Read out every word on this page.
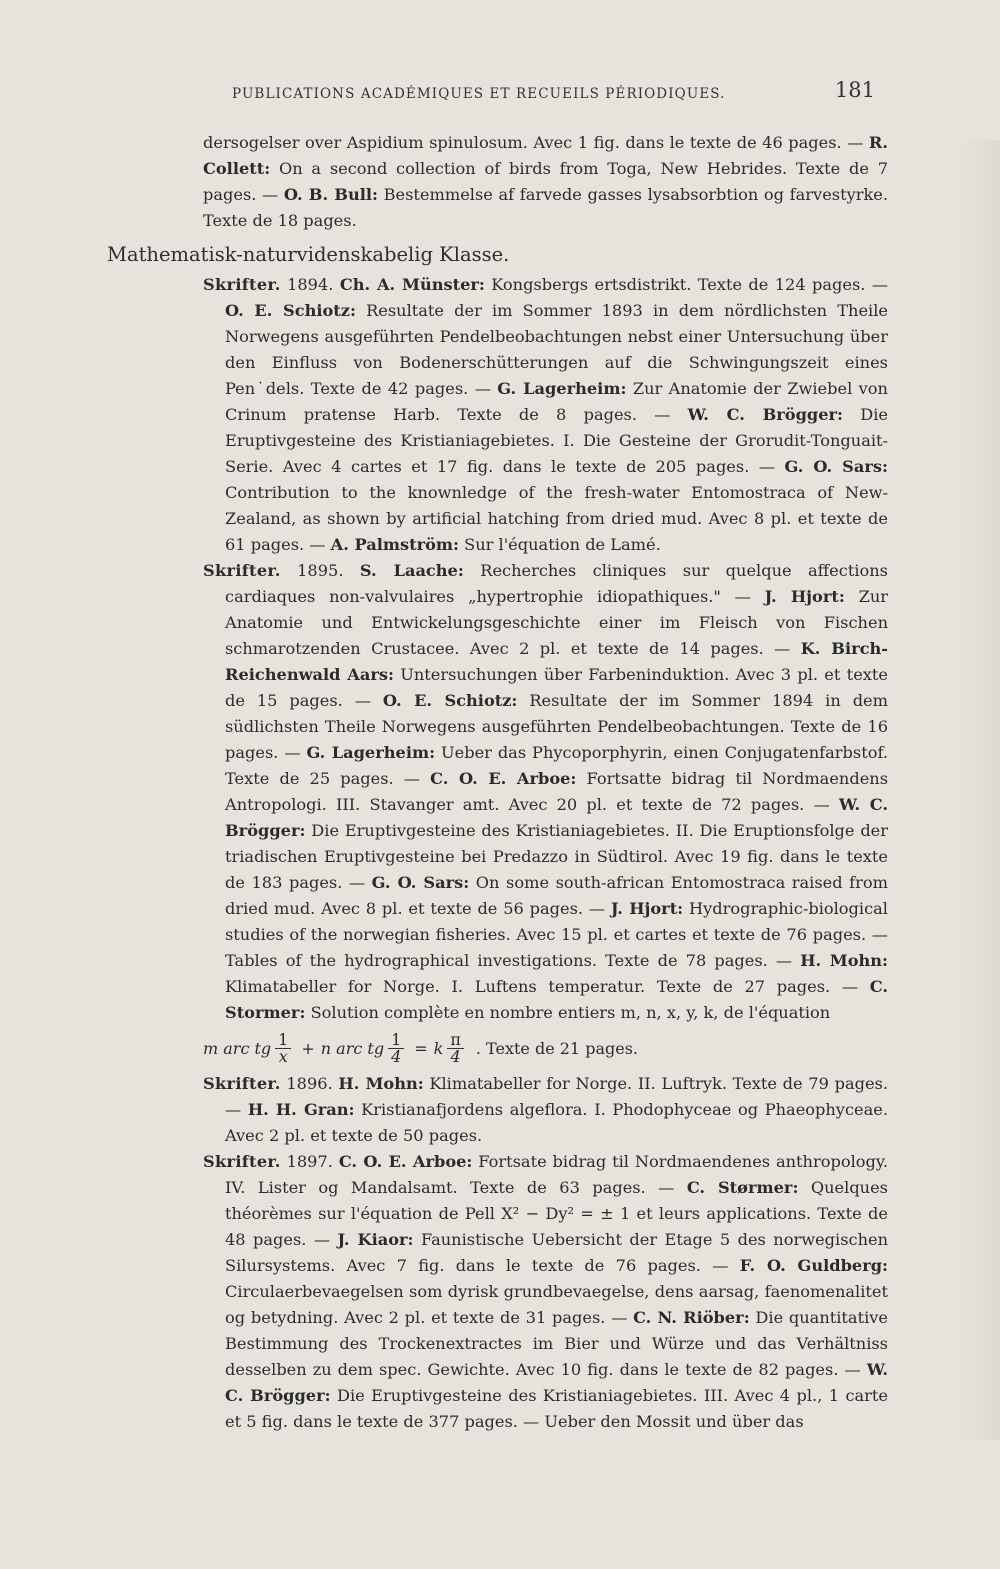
PUBLICATIONS ACADÉMIQUES ET RECUEILS PÉRIODIQUES.	181

dersogelser over Aspidium spinulosum. Avec 1 fig. dans le texte de 46 pages. — R. Collett: On a second collection of birds from Toga, New Hebrides. Texte de 7 pages. — O. B. Bull: Bestemmelse af farvede gasses lysabsorbtion og farvestyrke. Texte de 18 pages.

Mathematisk-naturvidenskabelig Klasse.

Skrifter. 1894. Ch. A. Münster: Kongsbergs ertsdistrikt. Texte de 124 pages. — O. E. Schiotz: Resultate der im Sommer 1893 in dem nördlichsten Theile Norwegens ausgeführten Pendelbeobachtungen nebst einer Untersuchung über den Einfluss von Bodenerschütterungen auf die Schwingungszeit eines Pen˙dels. Texte de 42 pages. — G. Lagerheim: Zur Anatomie der Zwiebel von Crinum pratense Harb. Texte de 8 pages. — W. C. Brögger: Die Eruptivgesteine des Kristianiagebietes. I. Die Gesteine der Grorudit-Tonguait-Serie. Avec 4 cartes et 17 fig. dans le texte de 205 pages. — G. O. Sars: Contribution to the knownledge of the fresh-water Entomostraca of New-Zealand, as shown by artificial hatching from dried mud. Avec 8 pl. et texte de 61 pages. — A. Palmström: Sur l'équation de Lamé.

Skrifter. 1895. S. Laache: Recherches cliniques sur quelque affections cardiaques non-valvulaires „hypertrophie idiopathiques." — J. Hjort: Zur Anatomie und Entwickelungsgeschichte einer im Fleisch von Fischen schmarotzenden Crustacee. Avec 2 pl. et texte de 14 pages. — K. Birch-Reichenwald Aars: Untersuchungen über Farbeninduktion. Avec 3 pl. et texte de 15 pages. — O. E. Schiotz: Resultate der im Sommer 1894 in dem südlichsten Theile Norwegens ausgeführten Pendelbeobachtungen. Texte de 16 pages. — G. Lagerheim: Ueber das Phycoporphyrin, einen Conjugatenfarbstof. Texte de 25 pages. — C. O. E. Arboe: Fortsatte bidrag til Nordmaendens Antropologi. III. Stavanger amt. Avec 20 pl. et texte de 72 pages. — W. C. Brögger: Die Eruptivgesteine des Kristianiagebietes. II. Die Eruptionsfolge der triadischen Eruptivgesteine bei Predazzo in Südtirol. Avec 19 fig. dans le texte de 183 pages. — G. O. Sars: On some south-african Entomostraca raised from dried mud. Avec 8 pl. et texte de 56 pages. — J. Hjort: Hydrographic-biological studies of the norwegian fisheries. Avec 15 pl. et cartes et texte de 76 pages. — Tables of the hydrographical investigations. Texte de 78 pages. — H. Mohn: Klimatabeller for Norge. I. Luftens temperatur. Texte de 27 pages. — C. Stormer: Solution complète en nombre entiers m, n, x, y, k, de l'équation

m arc tg $\frac{1}{x} + n$ arc tg $\frac{1}{4} = k \frac{\pi}{4}$ . Texte de 21 pages.

Skrifter. 1896. H. Mohn: Klimatabeller for Norge. II. Luftryk. Texte de 79 pages. — H. H. Gran: Kristianafjordens algeflora. I. Phodophyceae og Phaeophyceae. Avec 2 pl. et texte de 50 pages.

Skrifter. 1897. C. O. E. Arboe: Fortsate bidrag til Nordmaendenes anthropology. IV. Lister og Mandalsamt. Texte de 63 pages. — C. Størmer: Quelques théorèmes sur l'équation de Pell X² − Dy² = ± 1 et leurs applications. Texte de 48 pages. — J. Kiaor: Faunistische Uebersicht der Etage 5 des norwegischen Silursystems. Avec 7 fig. dans le texte de 76 pages. — F. O. Guldberg: Circulaerbevaegelsen som dyrisk grundbevaegelse, dens aarsag, faenomenalitet og betydning. Avec 2 pl. et texte de 31 pages. — C. N. Riöber: Die quantitative Bestimmung des Trockenextractes im Bier und Würze und das Verhältniss desselben zu dem spec. Gewichte. Avec 10 fig. dans le texte de 82 pages. — W. C. Brögger: Die Eruptivgesteine des Kristianiagebietes. III. Avec 4 pl., 1 carte et 5 fig. dans le texte de 377 pages. — Ueber den Mossit und über das
